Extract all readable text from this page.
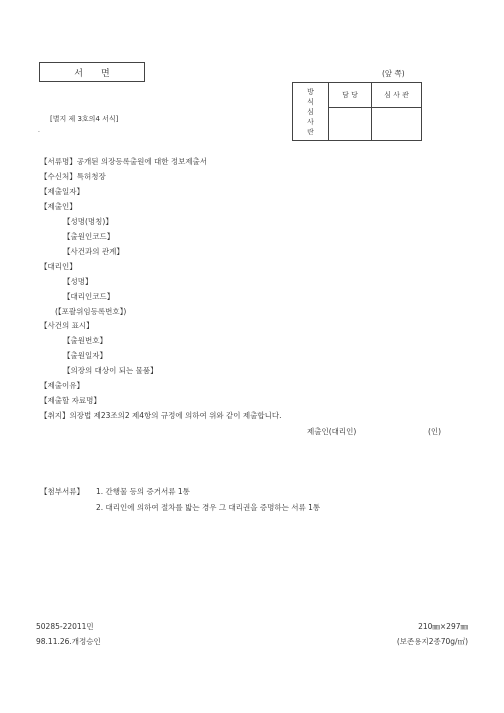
서면	(앞 쪽)
[별지 제 3호의4 서식]
.
방
식
심
사
란	담 당	심 사 관

【서류명】공개된 의장등록출원에 대한 정보제출서
【수신처】특허청장
【제출일자】
【제출인】
【성명(명칭)】
【출원인코드】
【사건과의 관계】
【대리인】
【성명】
【대리인코드】
(【포괄위임등록번호】)
【사건의 표시】
【출원번호】
【출원일자】
【의장의 대상이 되는 물품】
【제출이유】
【제출할 자료명】
【취지】의장법 제23조의2 제4항의 규정에 의하여 위와 같이 제출합니다.
제출인(대리인)	(인)
【첨부서류】 1. 간행물 등의 증거서류 1통
2. 대리인에 의하여 절차를 밟는 경우 그 대리권을 증명하는 서류 1통
50285-22011민
98.11.26.개정승인
210㎜×297㎜
(보존용지2종70g/㎡)
